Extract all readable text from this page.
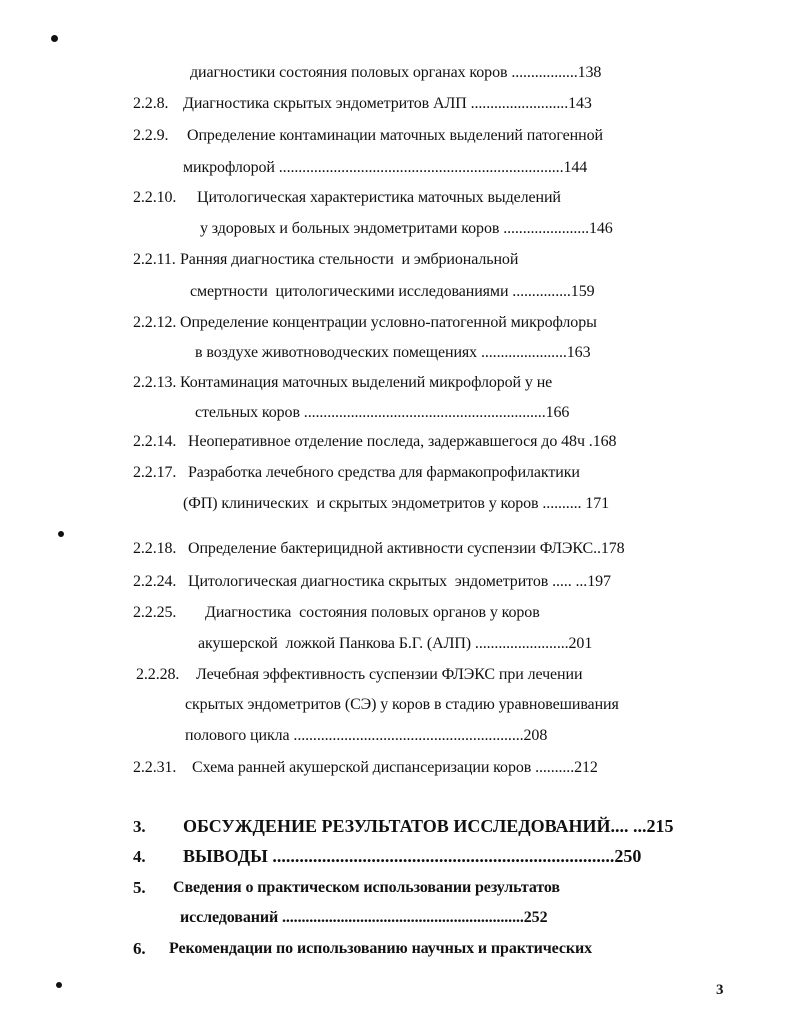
диагностики состояния половых органах коров .................138
2.2.8. Диагностика скрытых эндометритов АЛП .........................143
2.2.9. Определение контаминации маточных выделений патогенной
микрофлорой .........................................................................144
2.2.10. Цитологическая характеристика маточных выделений
у здоровых и больных эндометритами коров ......................146
2.2.11. Ранняя диагностика стельности  и эмбриональной
смертности  цитологическими исследованиями ...............159
2.2.12. Определение концентрации условно-патогенной микрофлоры
в воздухе животноводческих помещениях ......................163
2.2.13. Контаминация маточных выделений микрофлорой у не
стельных коров ..............................................................166
2.2.14. Неоперативное отделение последа, задержавшегося до 48ч .168
2.2.17. Разработка лечебного средства для фармакопрофилактики
(ФП) клинических  и скрытых эндометритов у коров .......... 171
2.2.18. Определение бактерицидной активности суспензии ФЛЭКС..178
2.2.24. Цитологическая диагностика скрытых  эндометритов ..... ...197
2.2.25. Диагностика  состояния половых органов у коров
акушерской  ложкой Панкова Б.Г. (АЛП) ........................201
2.2.28. Лечебная эффективность суспензии ФЛЭКС при лечении
скрытых эндометритов (СЭ) у коров в стадию уравновешивания
полового цикла ...........................................................208
2.2.31. Схема ранней акушерской диспансеризации коров ..........212
3. ОБСУЖДЕНИЕ РЕЗУЛЬТАТОВ ИССЛЕДОВАНИЙ.... ...215
4. ВЫВОДЫ ............................................................................250
5. Сведения о практическом использовании результатов
исследований ..............................................................252
6. Рекомендации по использованию научных и практических
3
